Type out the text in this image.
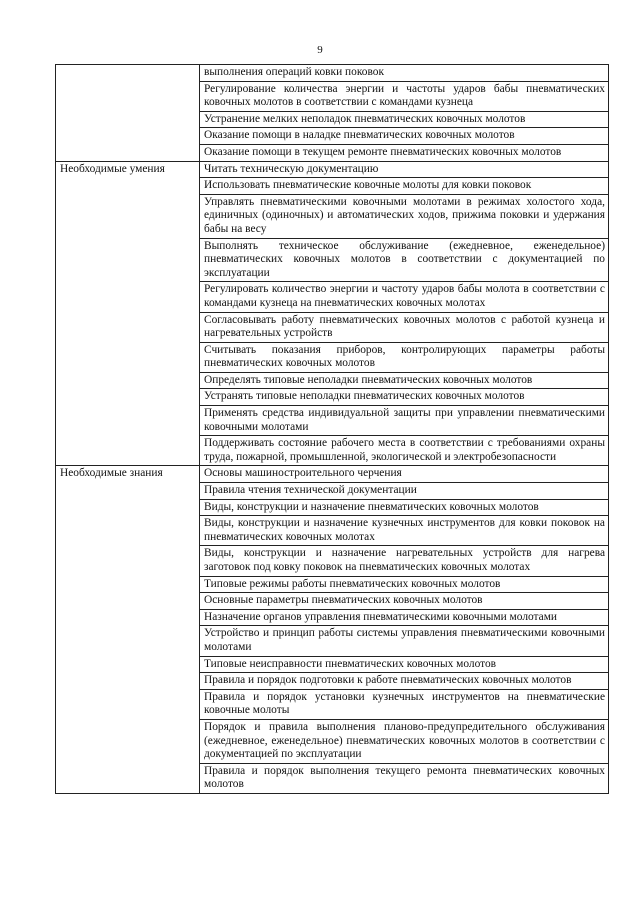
9
	выполнения операций ковки поковок
	Регулирование количества энергии и частоты ударов бабы пневматических ковочных молотов в соответствии с командами кузнеца
	Устранение мелких неполадок пневматических ковочных молотов
	Оказание помощи в наладке пневматических ковочных молотов
	Оказание помощи в текущем ремонте пневматических ковочных молотов
Необходимые умения	Читать техническую документацию
	Использовать пневматические ковочные молоты для ковки поковок
	Управлять пневматическими ковочными молотами в режимах холостого хода, единичных (одиночных) и автоматических ходов, прижима поковки и удержания бабы на весу
	Выполнять техническое обслуживание (ежедневное, еженедельное) пневматических ковочных молотов в соответствии с документацией по эксплуатации
	Регулировать количество энергии и частоту ударов бабы молота в соответствии с командами кузнеца на пневматических ковочных молотах
	Согласовывать работу пневматических ковочных молотов с работой кузнеца и нагревательных устройств
	Считывать показания приборов, контролирующих параметры работы пневматических ковочных молотов
	Определять типовые неполадки пневматических ковочных молотов
	Устранять типовые неполадки пневматических ковочных молотов
	Применять средства индивидуальной защиты при управлении пневматическими ковочными молотами
	Поддерживать состояние рабочего места в соответствии с требованиями охраны труда, пожарной, промышленной, экологической и электробезопасности
Необходимые знания	Основы машиностроительного черчения
	Правила чтения технической документации
	Виды, конструкции и назначение пневматических ковочных молотов
	Виды, конструкции и назначение кузнечных инструментов для ковки поковок на пневматических ковочных молотах
	Виды, конструкции и назначение нагревательных устройств для нагрева заготовок под ковку поковок на пневматических ковочных молотах
	Типовые режимы работы пневматических ковочных молотов
	Основные параметры пневматических ковочных молотов
	Назначение органов управления пневматическими ковочными молотами
	Устройство и принцип работы системы управления пневматическими ковочными молотами
	Типовые неисправности пневматических ковочных молотов
	Правила и порядок подготовки к работе пневматических ковочных молотов
	Правила и порядок установки кузнечных инструментов на пневматические ковочные молоты
	Порядок и правила выполнения планово-предупредительного обслуживания (ежедневное, еженедельное) пневматических ковочных молотов в соответствии с документацией по эксплуатации
	Правила и порядок выполнения текущего ремонта пневматических ковочных молотов
